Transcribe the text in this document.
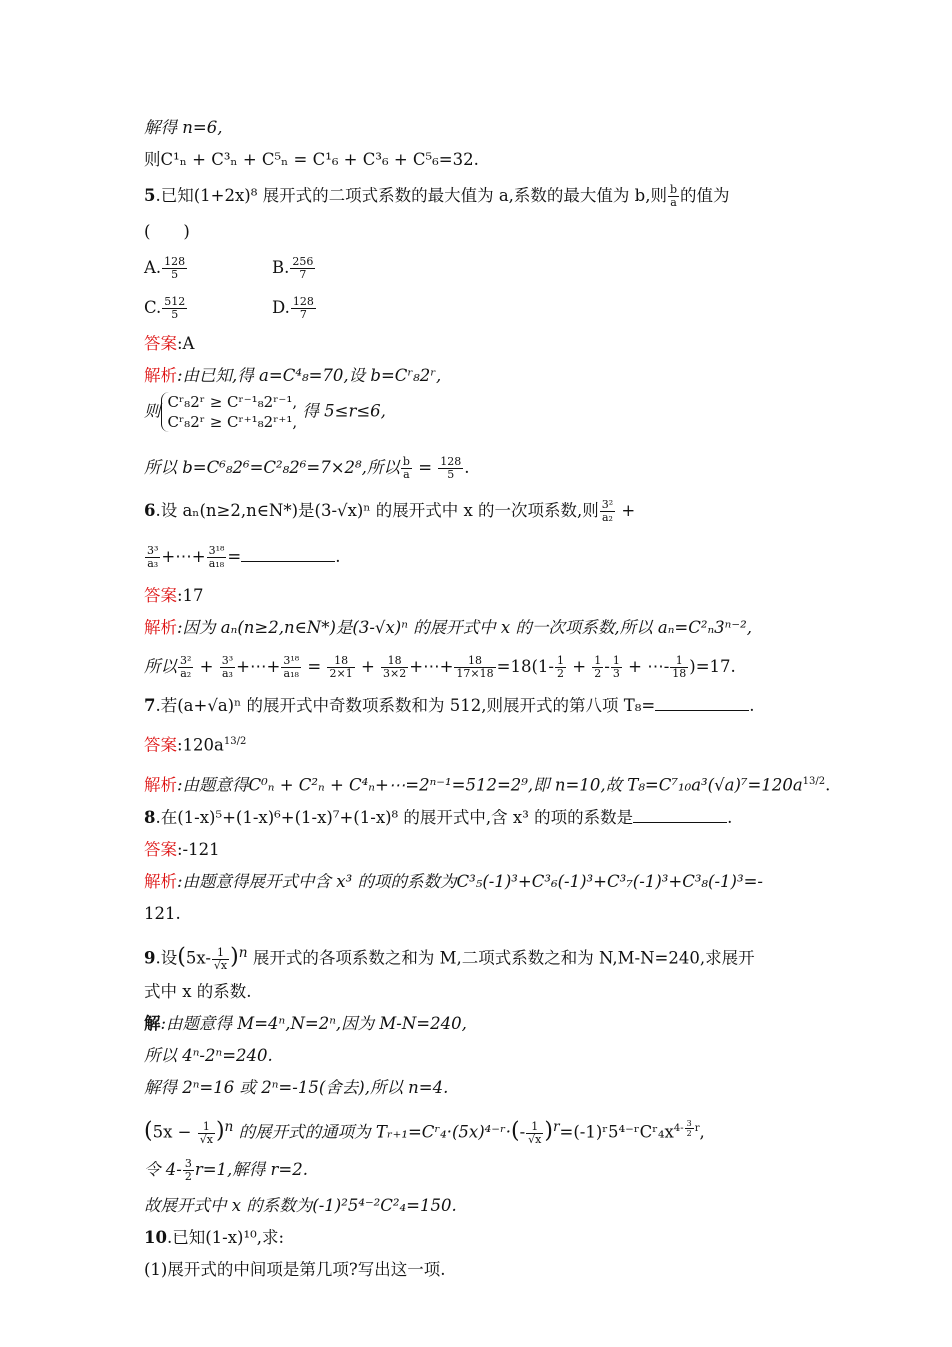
解得 n=6,
则C¹ₙ + C³ₙ + C⁵ₙ = C¹₆ + C³₆ + C⁵₆=32.
5.已知(1+2x)⁸ 展开式的二项式系数的最大值为 a,系数的最大值为 b,则 $\frac{b}{a}$ 的值为
(　　)
A. $\frac{128}{5}$	B. $\frac{256}{7}$
C. $\frac{512}{5}$	D. $\frac{128}{7}$
答案:A
解析:由已知,得 a=C⁴₈=70,设 b=Cʳ₈2ʳ,
则 Cʳ₈2ʳ ≥ Cʳ⁻¹₈2ʳ⁻¹,
Cʳ₈2ʳ ≥ Cʳ⁺¹₈2ʳ⁺¹,
得 5≤r≤6,
所以 b=C⁶₈2⁶=C²₈2⁶=7×2⁸,所以 $\frac{b}{a} = \frac{128}{5}$ .
6.设 aₙ(n≥2,n∈N*)是(3-√x)ⁿ 的展开式中 x 的一次项系数,则 $\frac{\text{3²}}{\text{a₂}}$ +
$\frac{\text{3³}}{\text{a₃}}$ +⋯+ $\frac{\text{3¹⁸}}{\text{a₁₈}}$ =	.
答案:17
解析:因为 aₙ(n≥2,n∈N*)是(3-√x)ⁿ 的展开式中 x 的一次项系数,所以 aₙ=C²ₙ3ⁿ⁻²,
所以 $\frac{\text{3²}}{\text{a₂}} + \frac{\text{3³}}{\text{a₃}}$ +⋯+ $\frac{\text{3¹⁸}}{\text{a₁₈}} = \frac{18}{2\times 1} + \frac{18}{3\times 2}$ +⋯+ $\frac{18}{17\times 18} =18(1- \frac{1}{2} + \frac{1}{2} - \frac{1}{3}$ + ⋯- $\frac{1}{18} )=17$.
7.若(a+√a)ⁿ 的展开式中奇数项系数和为 512,则展开式的第八项 T₈=	.
答案$:120a^{13/2}$
解析:由题意得C⁰ₙ + C²ₙ + C⁴ₙ+⋯=2ⁿ⁻¹=512=2⁹,即 n=10,故 $T_8=C^7_{10}a^3(√a)^7=120a^{13/2}$.
8.在(1-x)⁵+(1-x)⁶+(1-x)⁷+(1-x)⁸ 的展开式中,含 x³ 的项的系数是	.
答案:-121
解析:由题意得展开式中含 x³ 的项的系数为C³₅(-1)³+C³₆(-1)³+C³₇(-1)³+C³₈(-1)³=-
121.
9.设$(5x- \frac{1}{√x} )^n$ 展开式的各项系数之和为 M,二项式系数之和为 N,M-N=240,求展开
式中 x 的系数.
解:由题意得 M=4ⁿ,N=2ⁿ,因为 M-N=240,
所以 4ⁿ-2ⁿ=240.
解得 2ⁿ=16 或 2ⁿ=-15(舍去),所以 n=4.
$(5x - \frac{1}{√x} )^n$ 的展开式的通项为 Tᵣ₊₁=Cʳ₄·(5x)⁴⁻ʳ·(- $\frac{1}{√x}$ )$^r=(-1)ʳ5^{4-}ʳCʳ_4x^{4- \frac{3}{2} r}$,
令 $4- \frac{3}{2} r=1$,解得 r=2.
故展开式中 x 的系数为(-1)²5⁴⁻²C²₄=150.
10.已知(1-x)¹⁰,求:
(1)展开式的中间项是第几项?写出这一项.
